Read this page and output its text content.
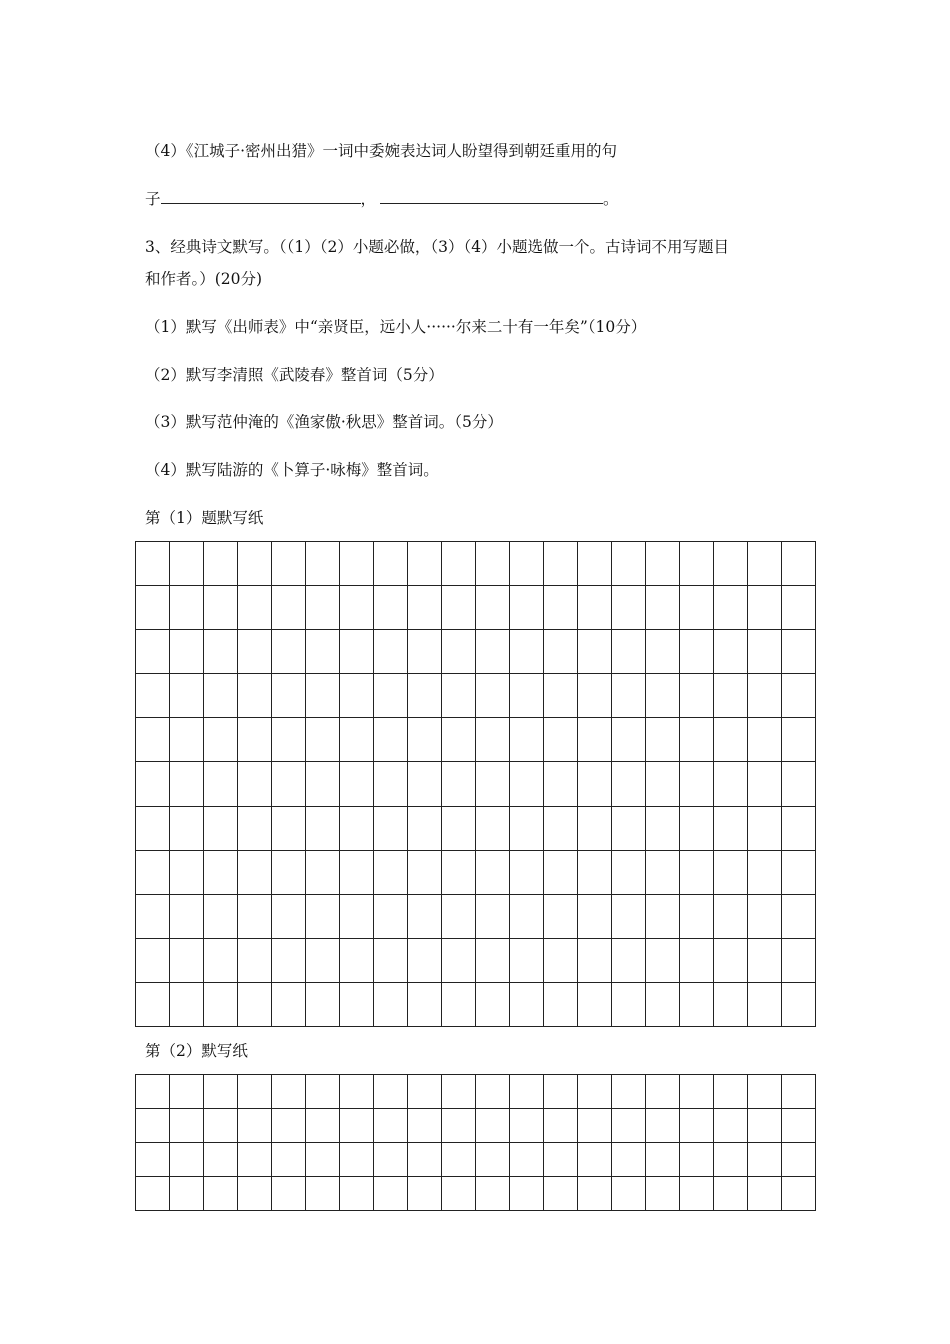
（4）《江城子·密州出猎》一词中委婉表达词人盼望得到朝廷重用的句
子	，	。
3、经典诗文默写。（（1）（2）小题必做，（3）（4）小题选做一个。古诗词不用写题目
和作者。）(20分)
（1）默写《出师表》中“亲贤臣，远小人······尔来二十有一年矣”（10分）
（2）默写李清照《武陵春》整首词（5分）
（3）默写范仲淹的《渔家傲·秋思》整首词。（5分）
（4）默写陆游的《卜算子·咏梅》整首词。
第（1）题默写纸
第（2）默写纸
